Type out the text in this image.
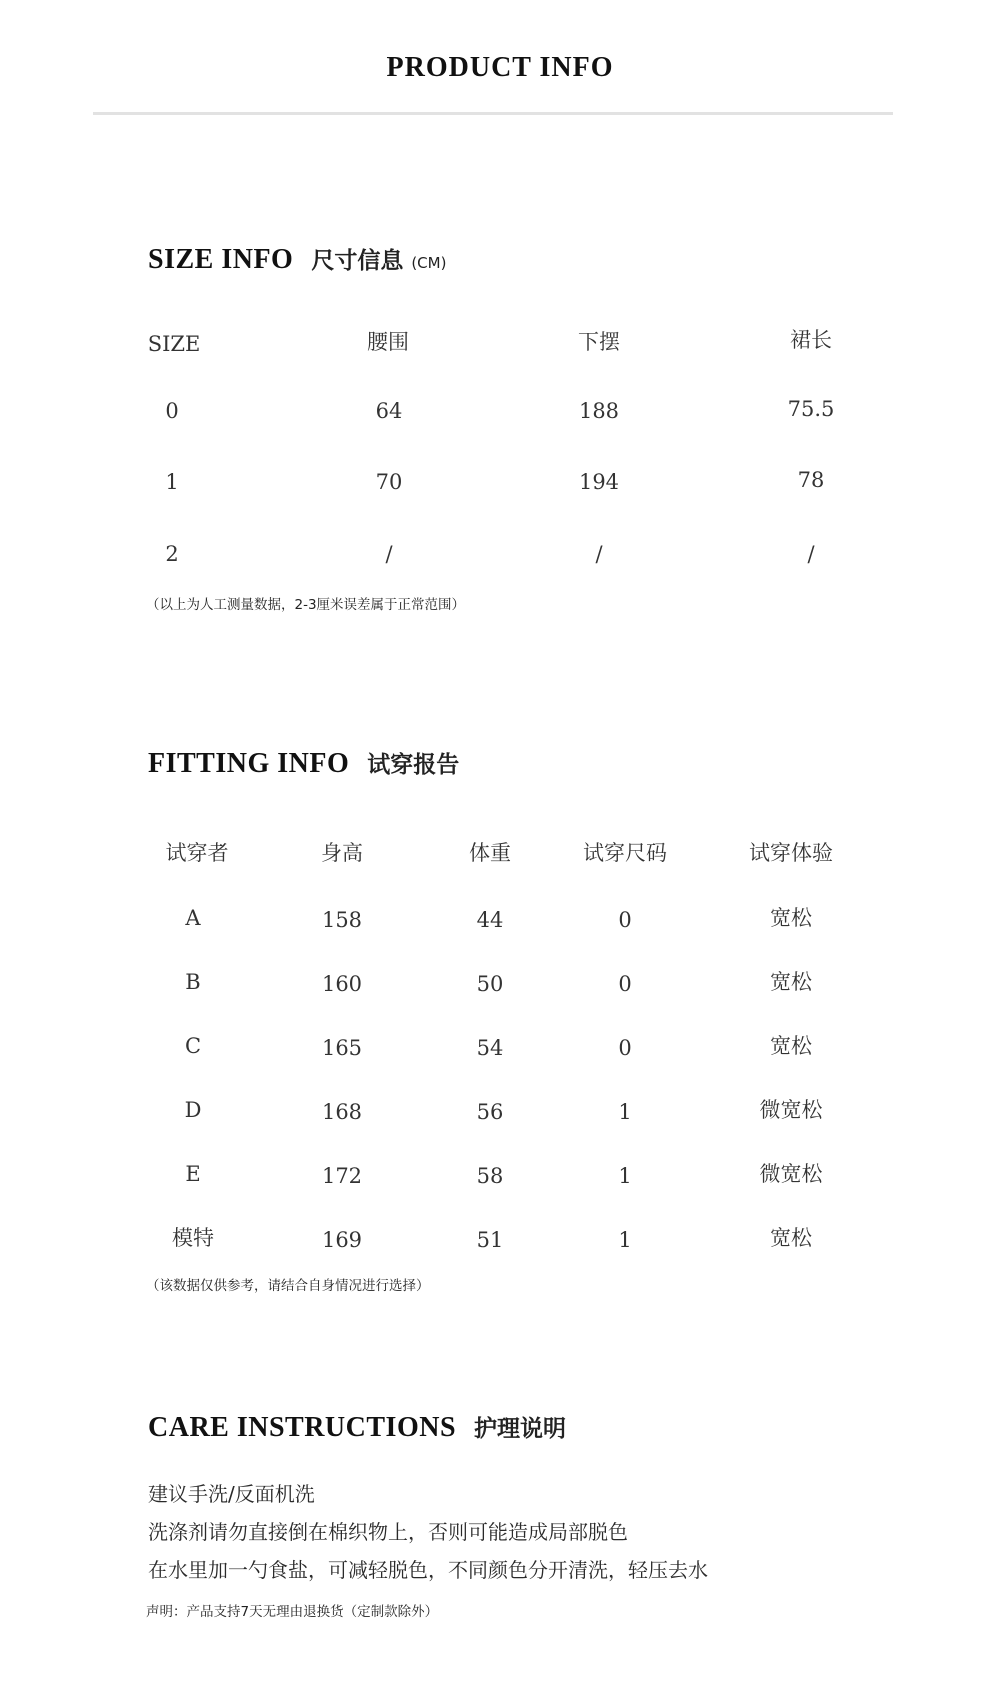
PRODUCT INFO
SIZE INFO 尺寸信息 (CM)
SIZE	腰围	下摆	裙长
0	64	188	75.5
1	70	194	78
2	/	/	/
（以上为人工测量数据，2-3厘米误差属于正常范围）
FITTING INFO 试穿报告
试穿者	身高	体重	试穿尺码	试穿体验
A	158	44	0	宽松
B	160	50	0	宽松
C	165	54	0	宽松
D	168	56	1	微宽松
E	172	58	1	微宽松
模特	169	51	1	宽松
（该数据仅供参考，请结合自身情况进行选择）
CARE INSTRUCTIONS 护理说明
建议手洗/反面机洗
洗涤剂请勿直接倒在棉织物上，否则可能造成局部脱色
在水里加一勺食盐，可减轻脱色，不同颜色分开清洗，轻压去水
声明：产品支持7天无理由退换货（定制款除外）
